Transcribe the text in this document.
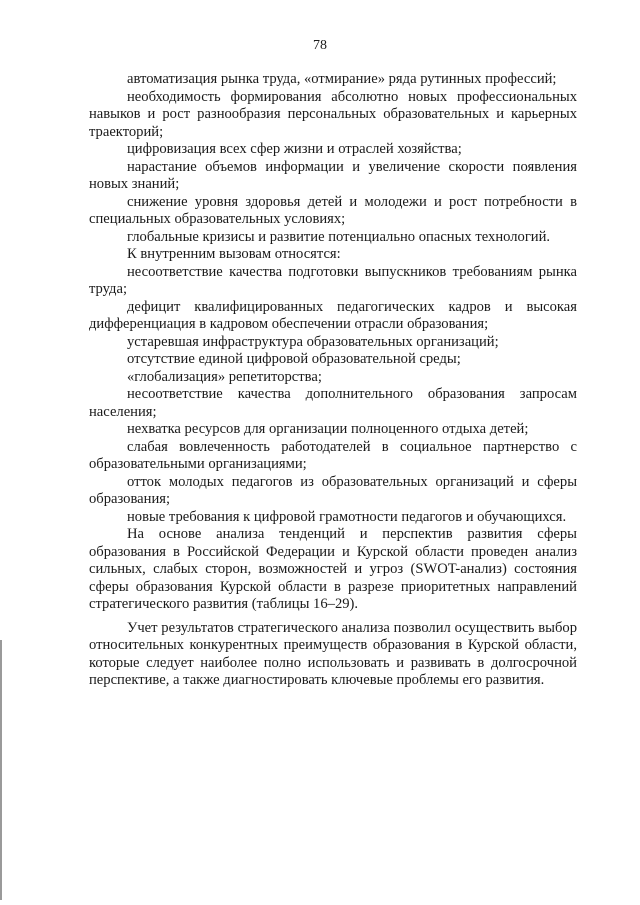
78

автоматизация рынка труда, «отмирание» ряда рутинных профессий;

необходимость формирования абсолютно новых профессиональных навыков и рост разнообразия персональных образовательных и карьерных траекторий;

цифровизация всех сфер жизни и отраслей хозяйства;

нарастание объемов информации и увеличение скорости появления новых знаний;

снижение уровня здоровья детей и молодежи и рост потребности в специальных образовательных условиях;

глобальные кризисы и развитие потенциально опасных технологий.

К внутренним вызовам относятся:

несоответствие качества подготовки выпускников требованиям рынка труда;

дефицит квалифицированных педагогических кадров и высокая дифференциация в кадровом обеспечении отрасли образования;

устаревшая инфраструктура образовательных организаций;

отсутствие единой цифровой образовательной среды;

«глобализация» репетиторства;

несоответствие качества дополнительного образования запросам населения;

нехватка ресурсов для организации полноценного отдыха детей;

слабая вовлеченность работодателей в социальное партнерство с образовательными организациями;

отток молодых педагогов из образовательных организаций и сферы образования;

новые требования к цифровой грамотности педагогов и обучающихся.

На основе анализа тенденций и перспектив развития сферы образования в Российской Федерации и Курской области проведен анализ сильных, слабых сторон, возможностей и угроз (SWOT-анализ) состояния сферы образования Курской области в разрезе приоритетных направлений стратегического развития (таблицы 16–29).

Учет результатов стратегического анализа позволил осуществить выбор относительных конкурентных преимуществ образования в Курской области, которые следует наиболее полно использовать и развивать в долгосрочной перспективе, а также диагностировать ключевые проблемы его развития.
